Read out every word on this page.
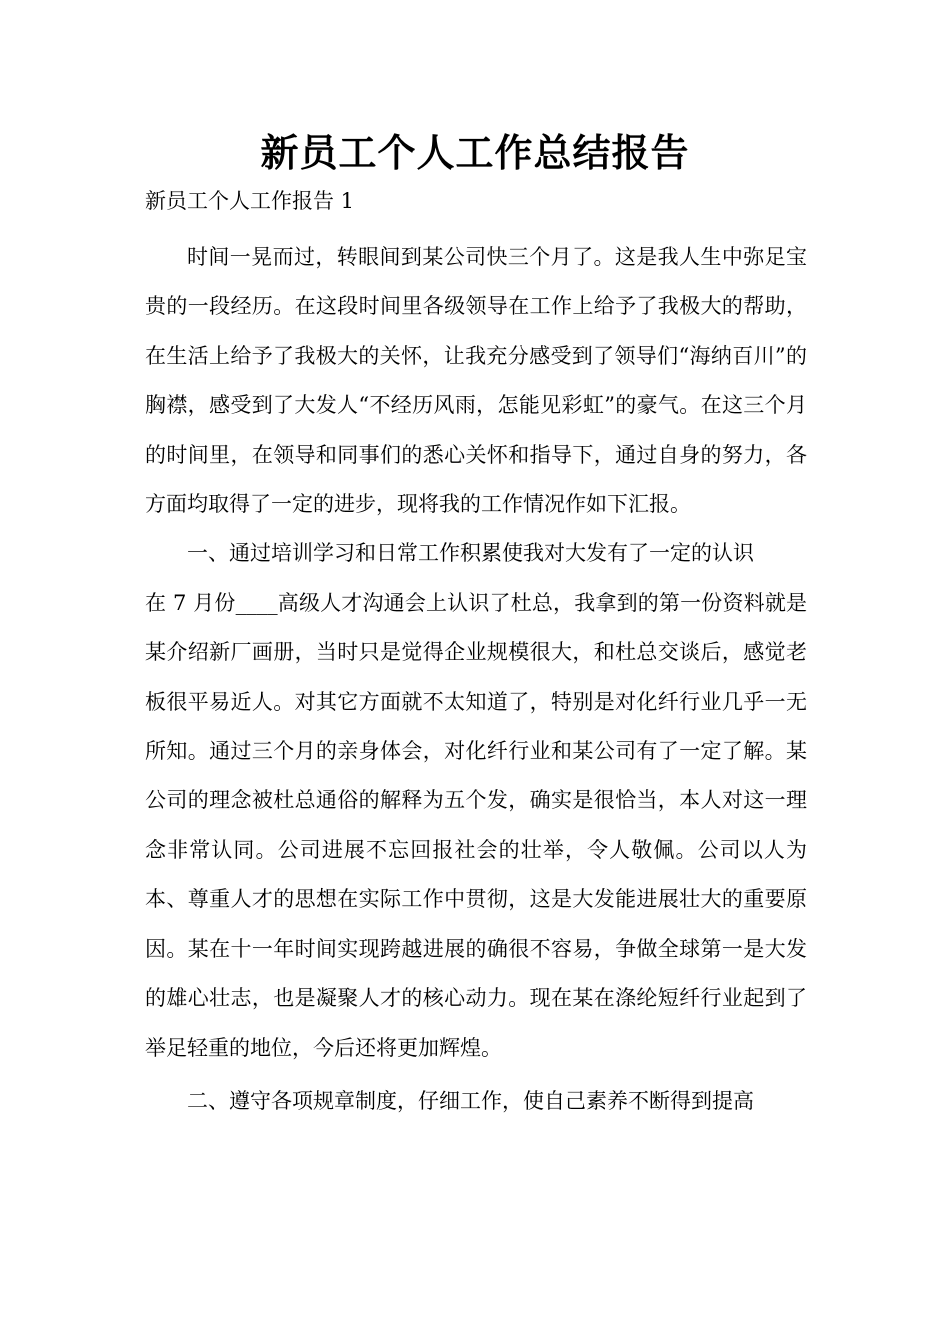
新员工个人工作总结报告

新员工个人工作报告 1

时间一晃而过，转眼间到某公司快三个月了。这是我人生中弥足宝贵的一段经历。在这段时间里各级领导在工作上给予了我极大的帮助，在生活上给予了我极大的关怀，让我充分感受到了领导们“海纳百川”的胸襟，感受到了大发人“不经历风雨，怎能见彩虹”的豪气。在这三个月的时间里，在领导和同事们的悉心关怀和指导下，通过自身的努力，各方面均取得了一定的进步，现将我的工作情况作如下汇报。

一、通过培训学习和日常工作积累使我对大发有了一定的认识

在 7 月份____高级人才沟通会上认识了杜总，我拿到的第一份资料就是某介绍新厂画册，当时只是觉得企业规模很大，和杜总交谈后，感觉老板很平易近人。对其它方面就不太知道了，特别是对化纤行业几乎一无所知。通过三个月的亲身体会，对化纤行业和某公司有了一定了解。某公司的理念被杜总通俗的解释为五个发，确实是很恰当，本人对这一理念非常认同。公司进展不忘回报社会的壮举，令人敬佩。公司以人为本、尊重人才的思想在实际工作中贯彻，这是大发能进展壮大的重要原因。某在十一年时间实现跨越进展的确很不容易，争做全球第一是大发的雄心壮志，也是凝聚人才的核心动力。现在某在涤纶短纤行业起到了举足轻重的地位，今后还将更加辉煌。

二、遵守各项规章制度，仔细工作，使自己素养不断得到提高
